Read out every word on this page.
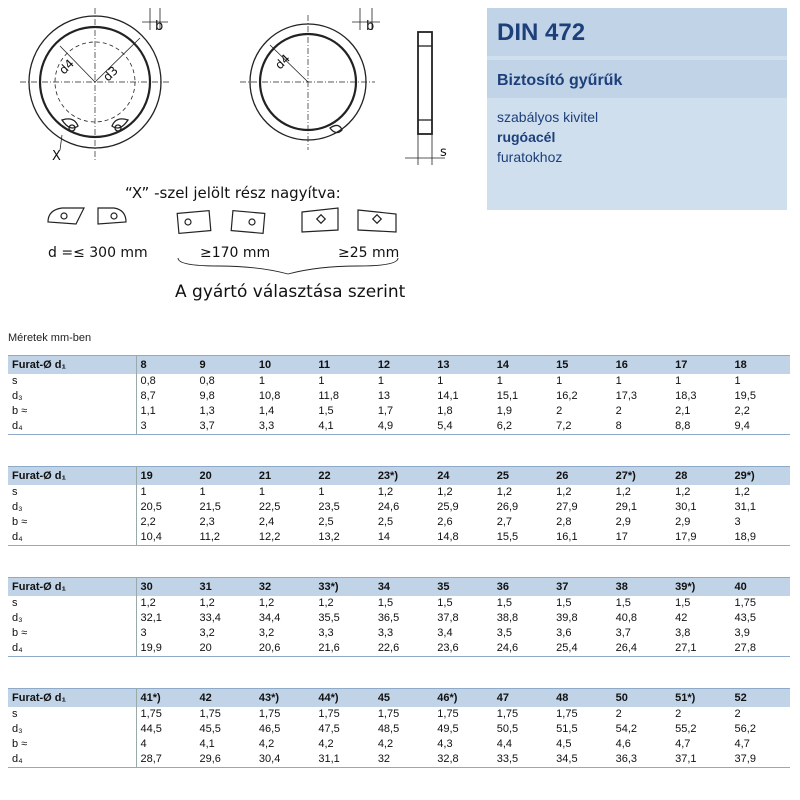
b	b
s
X
d4 d3
d4
“X” -szel jelölt rész nagyítva:
d =≤ 300 mm	≥170 mm	≥25 mm
A gyártó választása szerint
DIN 472
Biztosító gyűrűk
szabályos kivitel
rugóacél
furatokhoz
Méretek mm-ben
Furat-Ø d₁	8	9	10	11	12	13	14	15	16	17	18
s	0,8	0,8	1	1	1	1	1	1	1	1	1
d₃	8,7	9,8	10,8	11,8	13	14,1	15,1	16,2	17,3	18,3	19,5
b ≈	1,1	1,3	1,4	1,5	1,7	1,8	1,9	2	2	2,1	2,2
d₄	3	3,7	3,3	4,1	4,9	5,4	6,2	7,2	8	8,8	9,4
Furat-Ø d₁	19	20	21	22	23*)	24	25	26	27*)	28	29*)
s	1	1	1	1	1,2	1,2	1,2	1,2	1,2	1,2	1,2
d₃	20,5	21,5	22,5	23,5	24,6	25,9	26,9	27,9	29,1	30,1	31,1
b ≈	2,2	2,3	2,4	2,5	2,5	2,6	2,7	2,8	2,9	2,9	3
d₄	10,4	11,2	12,2	13,2	14	14,8	15,5	16,1	17	17,9	18,9
Furat-Ø d₁	30	31	32	33*)	34	35	36	37	38	39*)	40
s	1,2	1,2	1,2	1,2	1,5	1,5	1,5	1,5	1,5	1,5	1,75
d₃	32,1	33,4	34,4	35,5	36,5	37,8	38,8	39,8	40,8	42	43,5
b ≈	3	3,2	3,2	3,3	3,3	3,4	3,5	3,6	3,7	3,8	3,9
d₄	19,9	20	20,6	21,6	22,6	23,6	24,6	25,4	26,4	27,1	27,8
Furat-Ø d₁	41*)	42	43*)	44*)	45	46*)	47	48	50	51*)	52
s	1,75	1,75	1,75	1,75	1,75	1,75	1,75	1,75	2	2	2
d₃	44,5	45,5	46,5	47,5	48,5	49,5	50,5	51,5	54,2	55,2	56,2
b ≈	4	4,1	4,2	4,2	4,2	4,3	4,4	4,5	4,6	4,7	4,7
d₄	28,7	29,6	30,4	31,1	32	32,8	33,5	34,5	36,3	37,1	37,9
